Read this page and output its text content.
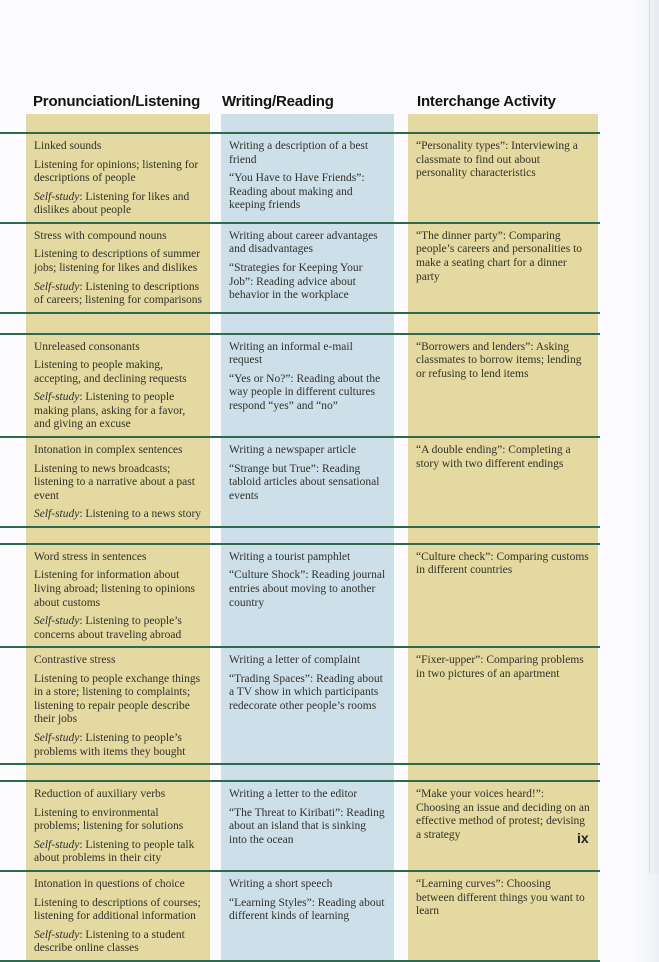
Pronunciation/Listening Writing/Reading	Interchange Activity

Linked sounds

Listening for opinions; listening for descriptions of people

Self-study: Listening for likes and dislikes about people

Writing a description of a best friend

“You Have to Have Friends”: Reading about making and keeping friends

“Personality types”: Interviewing a classmate to find out about personality characteristics

Stress with compound nouns

Listening to descriptions of summer jobs; listening for likes and dislikes

Self-study: Listening to descriptions of careers; listening for comparisons

Writing about career advantages and disadvantages

“Strategies for Keeping Your Job”: Reading advice about behavior in the workplace

“The dinner party”: Comparing people’s careers and personalities to make a seating chart for a dinner party

Unreleased consonants

Listening to people making, accepting, and declining requests

Self-study: Listening to people making plans, asking for a favor, and giving an excuse

Writing an informal e-mail request

“Yes or No?”: Reading about the way people in different cultures respond “yes” and “no”

“Borrowers and lenders”: Asking classmates to borrow items; lending or refusing to lend items

Intonation in complex sentences

Listening to news broadcasts; listening to a narrative about a past event

Self-study: Listening to a news story

Writing a newspaper article

“Strange but True”: Reading tabloid articles about sensational events

“A double ending”: Completing a story with two different endings

Word stress in sentences

Listening for information about living abroad; listening to opinions about customs

Self-study: Listening to people’s concerns about traveling abroad

Writing a tourist pamphlet

“Culture Shock”: Reading journal entries about moving to another country

“Culture check”: Comparing customs in different countries

Contrastive stress

Listening to people exchange things in a store; listening to complaints; listening to repair people describe their jobs

Self-study: Listening to people’s problems with items they bought

Writing a letter of complaint

“Trading Spaces”: Reading about a TV show in which participants redecorate other people’s rooms

“Fixer-upper”: Comparing problems in two pictures of an apartment

Reduction of auxiliary verbs

Listening to environmental problems; listening for solutions

Self-study: Listening to people talk about problems in their city

Writing a letter to the editor

“The Threat to Kiribati”: Reading about an island that is sinking into the ocean

“Make your voices heard!”: Choosing an issue and deciding on an effective method of protest; devising a strategy

Intonation in questions of choice

Listening to descriptions of courses; listening for additional information

Self-study: Listening to a student describe online classes

Writing a short speech

“Learning Styles”: Reading about different kinds of learning

“Learning curves”: Choosing between different things you want to learn

ix
